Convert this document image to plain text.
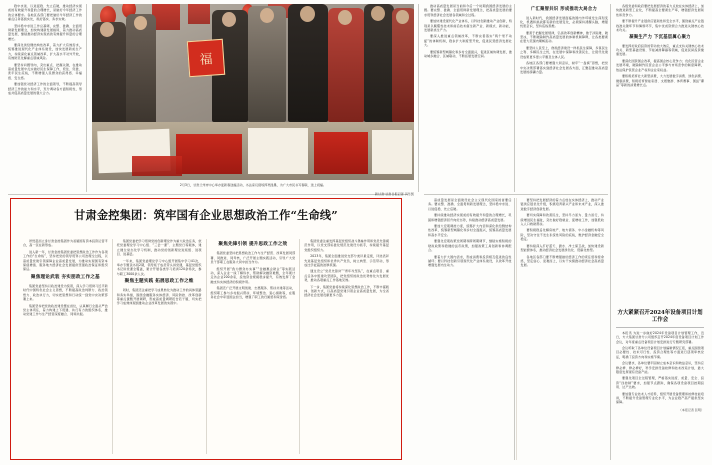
稳中求进、以进促稳、先立后破，推动经济实现质的有效提升和量的合理增长，是做好今年经济工作的总体要求。各地区各部门要把做好今年经济工作的重点任务落到实处，抓好落实、务求实效。

坚持稳中求进工作总基调，完整、准确、全面贯彻新发展理念，加快构建新发展格局，着力推动高质量发展，继续推动经济实现质的有效提升和量的合理增长。

要深化供给侧结构性改革，着力扩大有效需求，统筹推进现代化产业体系建设，加快发展新质生产力，持续深化重点领域改革，扩大高水平对外开放，有效防范化解重点领域风险。

要坚持问题导向，突出重点、把握关键，在推动高质量发展中扎实做好民生保障工作，兜住、兜准、兜牢民生底线，不断增强人民群众的获得感、幸福感、安全感。

要加强党对经济工作的全面领导，不断提高领导经济工作的能力和水平，充分调动各方面积极性，形成共促高质量发展的强大合力。

福
2月3日，甘肃兰州市中心举办迎新春送福活动，书法家们现场挥毫泼墨，为广大市民书写春联、送上祝福。
新甘肃·甘肃日报记者 冯乐凯

推动高质量发展是当前和今后一个时期我国经济发展的主题。要完整、准确、全面贯彻新发展理念，把高质量发展的要求贯穿经济社会发展各领域和全过程。

要加快建设现代化产业体系，以科技创新推动产业创新，特别是以颠覆性技术和前沿技术催生新产业、新模式、新动能，发展新质生产力。

要深入推进重点领域改革，不断完善落实“两个毫不动摇”的体制机制，稳步扩大制度型开放，促进民营经济发展壮大。

要统筹新型城镇化和乡村全面振兴，促进区域协调发展，推动城乡融合、区域联动，不断拓展发展空间。

广汇聚智共识 形成推动大局合力

进入新时代，我国经济发展面临的国内外环境发生深刻变化，机遇和挑战都有新的发展变化，必须保持清醒头脑，增强忧患意识，坚持底线思维。

要善于把握发展规律，弘扬改革创新精神，敢于涉险滩、破坚冰，不断破除制约高质量发展的体制机制障碍，让各类要素在更大范围内顺畅流动。

要坚持人民至上，像抓经济建设一样抓民生保障，多谋民生之利、多解民生之忧，在发展中保障和改善民生，让现代化建设成果更多更公平惠及全体人民。

各地区各部门要增强大局意识，树牢“一盘棋”思想，把党中央决策部署落实到经济社会发展各方面，汇聚起推动高质量发展的磅礴力量。

各级党委和政府要把发展经济的着力点放在实体经济上，加快推进新型工业化，不断提高全要素生产率，增强经济发展韧性和竞争力。

要不断提升产业链供应链韧性和安全水平，围绕重点产业链找准关键环节和薄弱环节，集中优质资源合力推进关键核心技术攻关。

凝聚生产力 下沉基层属心聚力

要发挥好政府投资的带动放大效应，重点支持关键核心技术攻关、新型基础设施、节能减排降碳等领域，促进民间投资健康发展。

要深化国资国企改革，提高国企核心竞争力；优化民营企业发展环境，破除制约民营企业公平参与市场竞争的制度障碍，依法保护民营企业产权和企业家权益。

要积极培育壮大新型消费，大力发展数字消费、绿色消费、健康消费，积极培育智能家居、文娱旅游、体育赛事、国货“潮品”等新的消费增长点。

甘肃金控集团：筑牢国有企业思想政治工作“生命线”

昂然起而立身甘肃金控集团作为省属国有资本投资运营平台，高一张在新形成。

进入新一年，甘肃金控集团党委把思想政治工作作为各项工作的“生命线”，坚持把党的领导贯穿公司治理全过程，以高质量党建引领保障企业高质量发展，为推动实现国有资本保值增值、服务地方经济社会发展提供坚强政治保证和组织保证。

聚焦理论武装 夯实朋政工作之基

集团党委坚持以政治建设为统领，深入学习贯彻习近平新时代中国特色社会主义思想，不断提高政治判断力、政治领悟力、政治执行力，切实把思想和行动统一到党中央决策部署上来。

集团坚持把党的政治建设摆在首位，认真履行全面从严治党主体责任，着力构建上下贯通、执行有力的组织体系，推动党建工作与生产经营深度融合、同频共振。

集团党委把学习贯彻党的创新理论作为重大政治任务，依托党委理论学习中心组、“三会一课”、主题党日等载体，建立健全常态化学习机制，推动党的创新理论进班组、进项目、进基层。

一年来，集团党委理论学习中心组开展集中学习41次，举办专题读书班2期，领导班子成员带头讲党课，基层党组织书记讲党课全覆盖，累计开展各类学习培训120余场次，参与职工3000余人次。

聚焦主题实践 拓展思政工作之维

同时，集团还注重把学习成果转化为推动工作的具体思路和务实举措，围绕金融服务实体经济、风险防控、改革创新等重点课题开展调研，形成高质量调研报告若干篇，切实把学习成效体现到推动企业改革发展的实践中。

聚焦先锋引领 提升思政工作之效

集团党委坚持把思想政治工作与生产经营、改革发展同部署、同推进、同考核，广泛开展主题实践活动，引导广大党员干部职工在服务大局中担当作为。

组织开展“我为群众办实事”“金融惠企助企”等实践活动，深入企业一线了解诉求，帮助解决融资难题，全年累计走访企业200余家，投放资金规模稳步提升，有效发挥了金融支持实体经济的积极作用。

集团还广泛开展文明创建、志愿服务、帮扶共建等活动，组织职工参与乡村振兴帮扶、环境整治、爱心捐助等，在服务社会中彰显国企担当，增强了职工的归属感和荣誉感。

集团党委注重发挥基层党组织战斗堡垒作用和党员先锋模范作用，以党支部标准化规范化建设为抓手，持续提升基层党组织组织力。

2023年，集团全面推进党支部分类评星定级，评选表彰先进基层党组织和优秀共产党员，树立典型、示范带动，形成比学赶超的浓厚氛围。

通过设立“党员先锋岗”“青年攻坚队”，在重点项目、重点任务中组建攻坚团队，把党组织的政治优势转化为发展优势，推动各项重点工作落地见效。

下一步，集团党委将持续深化思想政治工作，不断丰富载体、创新方式，以高质量党建引领企业高质量发展，为全省经济社会发展贡献更多力量。

高质量发展是全面建设社会主义现代化国家的首要任务。要完整、准确、全面贯彻新发展理念，坚持稳中求进、以进促稳、先立后破。

要持续推动经济实现质的有效提升和量的合理增长，巩固和增强经济回升向好态势，持续推动经济高质量发展。

要加大宏观调控力度，统筹扩大内需和深化供给侧结构性改革，统筹新型城镇化和乡村全面振兴，统筹高质量发展和高水平安全。

要强化宏观政策逆周期和跨周期调节，继续实施积极的财政政策和稳健的货币政策，加强政策工具创新和协调配合。

要着力扩大国内需求，形成消费和投资相互促进的良性循环；要以科技创新引领现代化产业体系建设，以改革开放增强发展内生动力。

要坚持把发展经济的着力点放在实体经济上，推动产业链供应链优化升级，积极培育新兴产业和未来产业，深入推进数字经济创新发展。

要切实保障和改善民生，坚持尽力而为、量力而行，持续增进民生福祉，突出做好稳就业、促增收工作，加强低收入人口救助帮扶。

要积极稳妥化解房地产、地方债务、中小金融机构等风险，坚决守住不发生系统性风险的底线，维护经济金融安全稳定。

要持续深入打好蓝天、碧水、净土保卫战，加快建设新型能源体系，推动经济社会发展绿色化、低碳化转型。

各地区各部门要不断增强做好经济工作的责任感和使命感，坚定信心、迎难而上，以实干实绩推动经济社会高质量发展。

方大紧紧召开2024年设备项目计划工作会

本报讯 为进一步做好2024年设备项目计划管理工作，近日，方大集团甘肃分公司组织召开2024年度设备项目计划工作会议，对年度重点设备项目计划安排进行专题研究部署。

会议听取了各单位设备项目计划编制情况汇报，重点围绕项目必要性、技术可行性、投资合理性等方面进行逐项审核论证，明确了投资方向和实施节奏。

会议要求，各单位要牢固树立成本意识和效益意识，坚持应修必修、修必修好，科学安排设备检修和技术改造计划，最大限度发挥现有设备产能。

要强化项目全过程管理，严格落实进度、质量、安全、投资“四控制”要求，加强节点跟踪，确保各项设备项目按期投用、达产达效。

要加强专业技术人才培养，组织开展设备管理和检修技能培训，不断提升设备管理专业化水平，为企业稳产高产提供坚实保障。

（本报记者 张明）
